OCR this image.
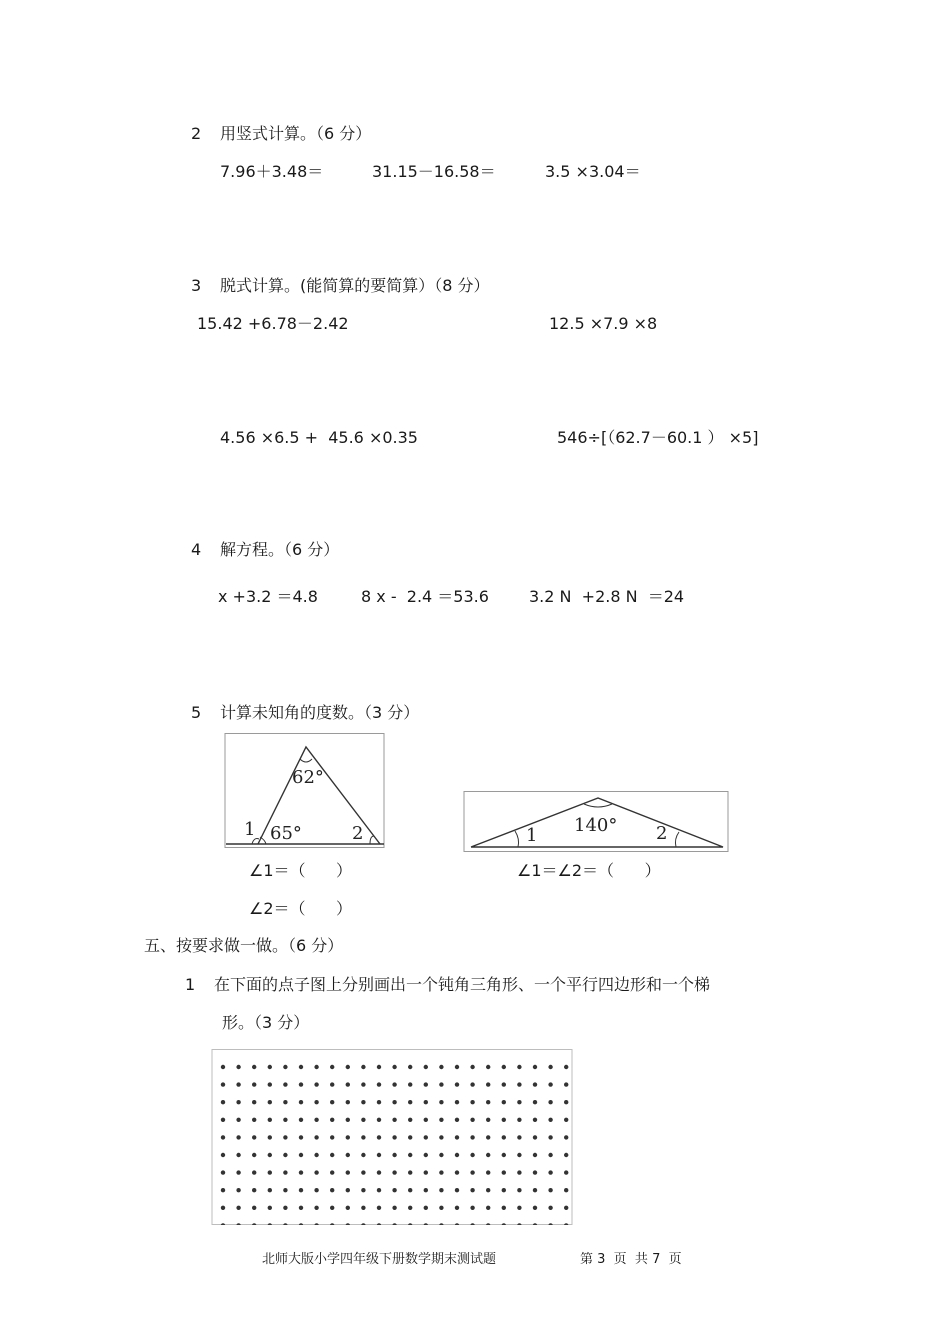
2 用竖式计算。（6 分）
7.96＋3.48＝	31.15－16.58＝	3.5 ×3.04＝
3 脱式计算。(能简算的要简算）（8 分）
15.42 +6.78－2.42	12.5 ×7.9 ×8
4.56 ×6.5 +  45.6 ×0.35	546÷[（62.7－60.1 ） ×5]
4 解方程。（6 分）
x +3.2 ＝4.8	8 x -  2.4 ＝53.6	3.2 N  +2.8 N  ＝24
5 计算未知角的度数。（3 分）
62°
65°
1	2	140°
1	2
∠1＝（      ）	∠1＝∠2＝（      ）
∠2＝（      ）
五、按要求做一做。（6 分）
1 在下面的点子图上分别画出一个钝角三角形、一个平行四边形和一个梯
形。（3 分）
北师大版小学四年级下册数学期末测试题	第 3  页  共 7  页
